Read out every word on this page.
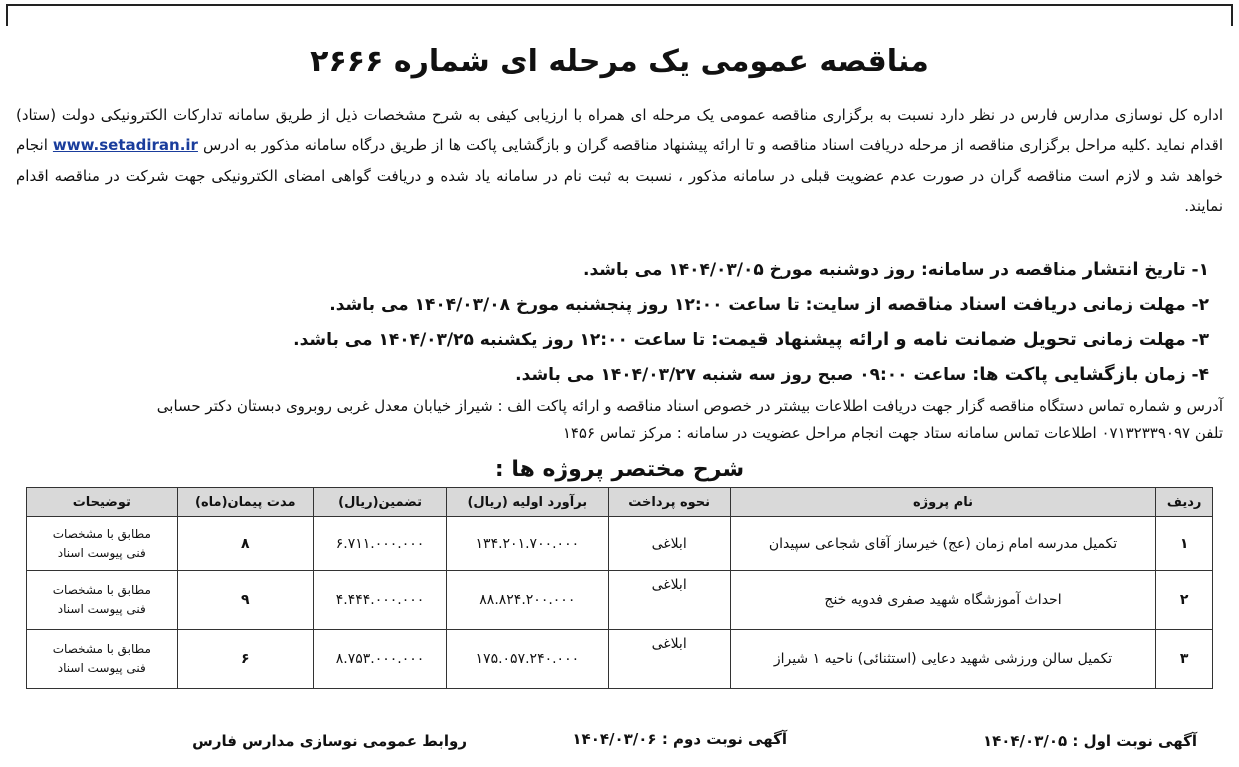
مناقصه عمومی یک مرحله ای شماره ۲۶۶۶
اداره کل نوسازی مدارس فارس در نظر دارد نسبت به برگزاری مناقصه عمومی یک مرحله ای همراه با ارزیابی کیفی به شرح مشخصات ذیل از طریق سامانه تدارکات الکترونیکی دولت (ستاد) اقدام نماید .کلیه مراحل برگزاری مناقصه از مرحله دریافت اسناد مناقصه و تا ارائه پیشنهاد مناقصه گران و بازگشایی پاکت ها از طریق درگاه سامانه مذکور به ادرس www.setadiran.ir انجام خواهد شد و لازم است مناقصه گران در صورت عدم عضویت قبلی در سامانه مذکور ، نسبت به ثبت نام در سامانه یاد شده و دریافت گواهی امضای الکترونیکی جهت شرکت در مناقصه اقدام نمایند.
۱- تاریخ انتشار مناقصه در سامانه: روز دوشنبه مورخ ۱۴۰۴/۰۳/۰۵ می باشد.
۲- مهلت زمانی دریافت اسناد مناقصه از سایت: تا ساعت ۱۲:۰۰ روز پنجشنبه مورخ ۱۴۰۴/۰۳/۰۸ می باشد.
۳- مهلت زمانی تحویل ضمانت نامه و ارائه پیشنهاد قیمت: تا ساعت ۱۲:۰۰ روز یکشنبه ۱۴۰۴/۰۳/۲۵ می باشد.
۴- زمان بازگشایی پاکت ها: ساعت ۰۹:۰۰ صبح روز سه شنبه ۱۴۰۴/۰۳/۲۷ می باشد.
آدرس و شماره تماس دستگاه مناقصه گزار جهت دریافت اطلاعات بیشتر در خصوص اسناد مناقصه و ارائه پاکت الف : شیراز خیابان معدل غربی روبروی دبستان دکتر حسابی
تلفن ۰۷۱۳۲۳۳۹۰۹۷ اطلاعات تماس سامانه ستاد جهت انجام مراحل عضویت در سامانه : مرکز تماس ۱۴۵۶
شرح مختصر پروژه ها :
ردیف	نام پروژه	نحوه پرداخت	برآورد اولیه (ریال)	تضمین(ریال)	مدت پیمان(ماه)	توضیحات
۱	تکمیل مدرسه امام زمان (عج) خیرساز آقای شجاعی سپیدان	ابلاغی	۱۳۴.۲۰۱.۷۰۰.۰۰۰	۶.۷۱۱.۰۰۰.۰۰۰	۸	مطابق با مشخصات
فنی پیوست اسناد

۲	احداث آموزشگاه شهید صفری فدویه خنج	ابلاغی	۸۸.۸۲۴.۲۰۰.۰۰۰	۴.۴۴۴.۰۰۰.۰۰۰	۹	مطابق با مشخصات
فنی پیوست اسناد

۳	تکمیل سالن ورزشی شهید دعایی (استثنائی) ناحیه ۱ شیراز	ابلاغی	۱۷۵.۰۵۷.۲۴۰.۰۰۰	۸.۷۵۳.۰۰۰.۰۰۰	۶	مطابق با مشخصات
فنی پیوست اسناد
آگهی نوبت اول : ۱۴۰۴/۰۳/۰۵
آگهی نوبت دوم : ۱۴۰۴/۰۳/۰۶
روابط عمومی نوسازی مدارس فارس
